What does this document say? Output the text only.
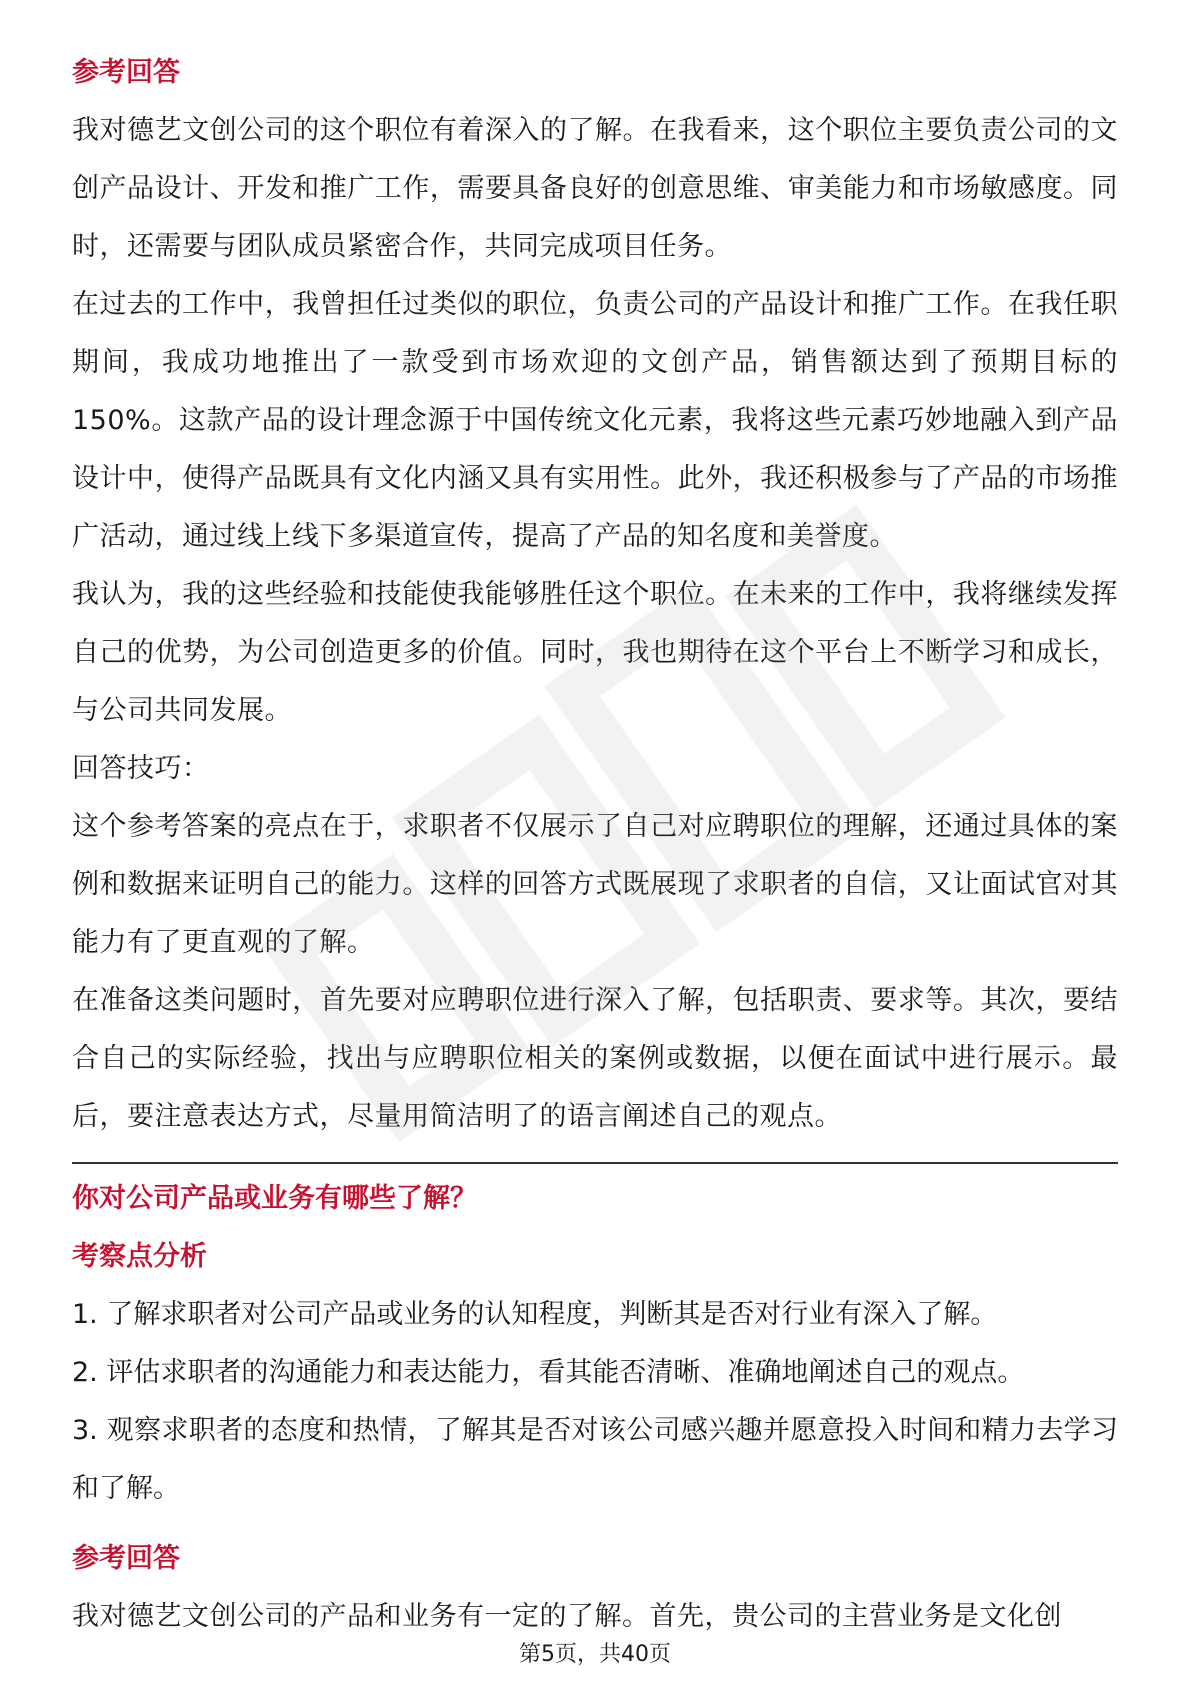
参考回答

我对德艺文创公司的这个职位有着深入的了解。在我看来，这个职位主要负责公司的文创产品设计、开发和推广工作，需要具备良好的创意思维、审美能力和市场敏感度。同时，还需要与团队成员紧密合作，共同完成项目任务。

在过去的工作中，我曾担任过类似的职位，负责公司的产品设计和推广工作。在我任职期间，我成功地推出了一款受到市场欢迎的文创产品，销售额达到了预期目标的150%。这款产品的设计理念源于中国传统文化元素，我将这些元素巧妙地融入到产品设计中，使得产品既具有文化内涵又具有实用性。此外，我还积极参与了产品的市场推广活动，通过线上线下多渠道宣传，提高了产品的知名度和美誉度。

我认为，我的这些经验和技能使我能够胜任这个职位。在未来的工作中，我将继续发挥自己的优势，为公司创造更多的价值。同时，我也期待在这个平台上不断学习和成长，与公司共同发展。

回答技巧：

这个参考答案的亮点在于，求职者不仅展示了自己对应聘职位的理解，还通过具体的案例和数据来证明自己的能力。这样的回答方式既展现了求职者的自信，又让面试官对其能力有了更直观的了解。

在准备这类问题时，首先要对应聘职位进行深入了解，包括职责、要求等。其次，要结合自己的实际经验，找出与应聘职位相关的案例或数据，以便在面试中进行展示。最后，要注意表达方式，尽量用简洁明了的语言阐述自己的观点。

你对公司产品或业务有哪些了解？
考察点分析

1. 了解求职者对公司产品或业务的认知程度，判断其是否对行业有深入了解。

2. 评估求职者的沟通能力和表达能力，看其能否清晰、准确地阐述自己的观点。

3. 观察求职者的态度和热情，了解其是否对该公司感兴趣并愿意投入时间和精力去学习和了解。

参考回答

我对德艺文创公司的产品和业务有一定的了解。首先，贵公司的主营业务是文化创

第5页，共40页
